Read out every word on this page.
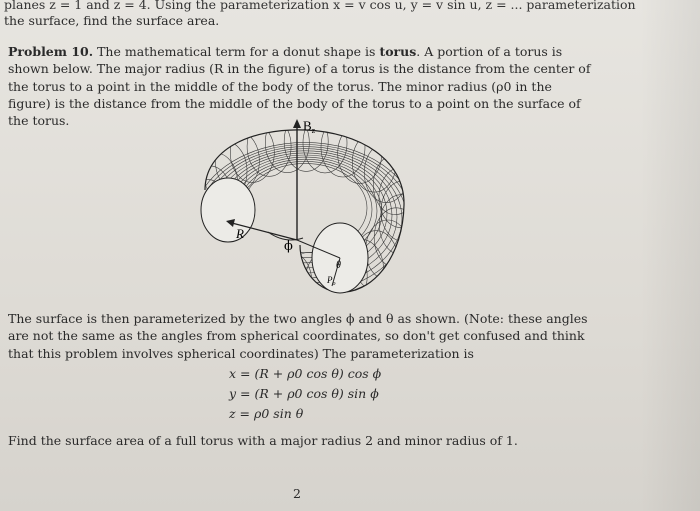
planes z = 1 and z = 4. Using the parameterization x = v cos u, y = v sin u, z = ... parameterization
the surface, find the surface area.
Problem 10. The mathematical term for a donut shape is torus. A portion of a torus is shown below. The major radius (R in the figure) of a torus is the distance from the center of the torus to a point in the middle of the body of the torus. The minor radius (ρ0 in the figure) is the distance from the middle of the body of the torus to a point on the surface of the torus.	$B_z$
R
ϕ
θ
$P_o$
The surface is then parameterized by the two angles ϕ and θ as shown. (Note: these angles are not the same as the angles from spherical coordinates, so don't get confused and think that this problem involves spherical coordinates) The parameterization is
x = (R + ρ0 cos θ) cos ϕ
y = (R + ρ0 cos θ) sin ϕ
z = ρ0 sin θ
Find the surface area of a full torus with a major radius 2 and minor radius of 1.
2
